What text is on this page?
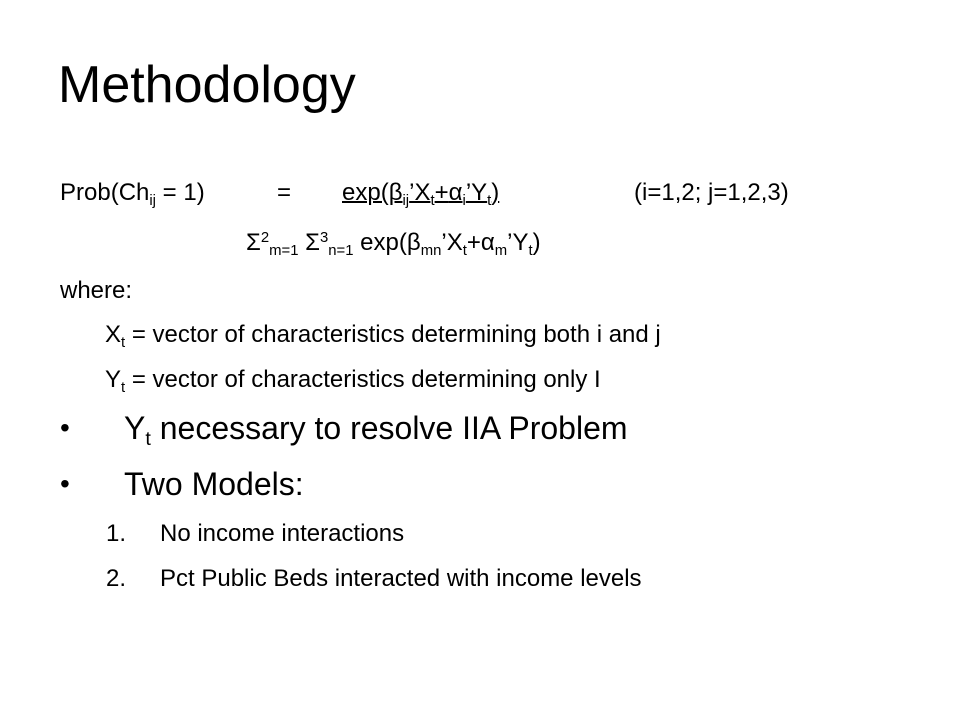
Methodology
$Prob(Ch_{ij} = 1)$	=	$\exp(\beta_{ij}’X_t+\alpha_i’Y_t)$	(i=1,2; j=1,2,3)
$\Sigma^2_{m=1}$ $\Sigma^3_{n=1}$ $\exp(\beta_{mn}’X_t+\alpha_m’Y_t)$
where:
$X_t$ = vector of characteristics determining both i and j
$Y_t$ = vector of characteristics determining only I
• $Y_t$ necessary to resolve IIA Problem
• Two Models:
1. No income interactions
2. Pct Public Beds interacted with income levels
